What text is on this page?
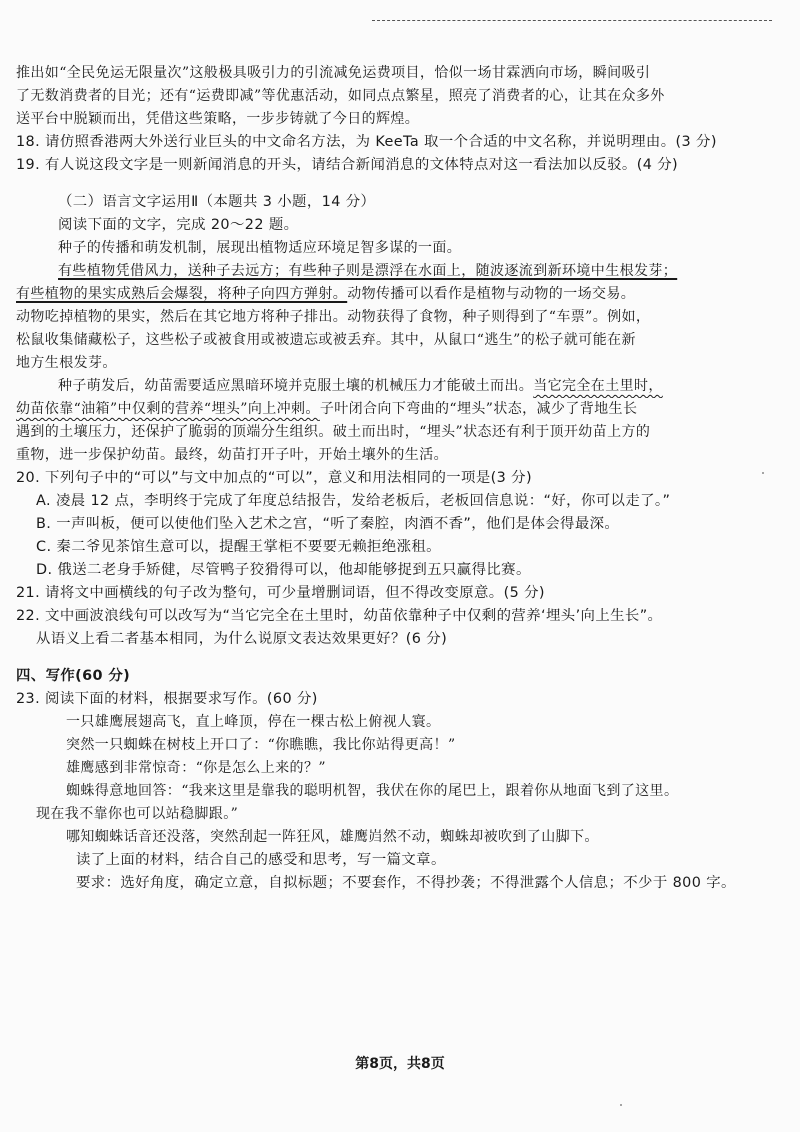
推出如“全民免运无限量次”这般极具吸引力的引流减免运费项目，恰似一场甘霖洒向市场，瞬间吸引
了无数消费者的目光；还有“运费即减”等优惠活动，如同点点繁星，照亮了消费者的心，让其在众多外
送平台中脱颖而出，凭借这些策略，一步步铸就了今日的辉煌。
18. 请仿照香港两大外送行业巨头的中文命名方法，为 KeeTa 取一个合适的中文名称，并说明理由。(3 分)
19. 有人说这段文字是一则新闻消息的开头，请结合新闻消息的文体特点对这一看法加以反驳。(4 分)
（二）语言文字运用Ⅱ（本题共 3 小题，14 分）
阅读下面的文字，完成 20～22 题。
种子的传播和萌发机制，展现出植物适应环境足智多谋的一面。
有些植物凭借风力，送种子去远方；有些种子则是漂浮在水面上，随波逐流到新环境中生根发芽；
有些植物的果实成熟后会爆裂，将种子向四方弹射。动物传播可以看作是植物与动物的一场交易。
动物吃掉植物的果实，然后在其它地方将种子排出。动物获得了食物，种子则得到了“车票”。例如，
松鼠收集储藏松子，这些松子或被食用或被遗忘或被丢弃。其中，从鼠口“逃生”的松子就可能在新
地方生根发芽。
种子萌发后，幼苗需要适应黑暗环境并克服土壤的机械压力才能破土而出。当它完全在土里时，
幼苗依靠“油箱”中仅剩的营养“埋头”向上冲刺。子叶闭合向下弯曲的“埋头”状态，减少了背地生长
遇到的土壤压力，还保护了脆弱的顶端分生组织。破土而出时，“埋头”状态还有利于顶开幼苗上方的
重物，进一步保护幼苗。最终，幼苗打开子叶，开始土壤外的生活。
20. 下列句子中的“可以”与文中加点的“可以”，意义和用法相同的一项是(3 分)
A. 凌晨 12 点，李明终于完成了年度总结报告，发给老板后，老板回信息说：“好，你可以走了。”
B. 一声叫板，便可以使他们坠入艺术之宫，“听了秦腔，肉酒不香”，他们是体会得最深。
C. 秦二爷见茶馆生意可以，提醒王掌柜不要要无赖拒绝涨租。
D. 俄送二老身手矫健，尽管鸭子狡猾得可以，他却能够捉到五只赢得比赛。
21. 请将文中画横线的句子改为整句，可少量增删词语，但不得改变原意。(5 分)
22. 文中画波浪线句可以改写为“当它完全在土里时，幼苗依靠种子中仅剩的营养‘埋头’向上生长”。
从语义上看二者基本相同，为什么说原文表达效果更好？(6 分)
四、写作(60 分)
23. 阅读下面的材料，根据要求写作。(60 分)
一只雄鹰展翅高飞，直上峰顶，停在一棵古松上俯视人寰。
突然一只蜘蛛在树枝上开口了：“你瞧瞧，我比你站得更高！”
雄鹰感到非常惊奇：“你是怎么上来的？”
蜘蛛得意地回答：“我来这里是靠我的聪明机智，我伏在你的尾巴上，跟着你从地面飞到了这里。
现在我不靠你也可以站稳脚跟。”
哪知蜘蛛话音还没落，突然刮起一阵狂风，雄鹰岿然不动，蜘蛛却被吹到了山脚下。
读了上面的材料，结合自己的感受和思考，写一篇文章。
要求：选好角度，确定立意，自拟标题；不要套作，不得抄袭；不得泄露个人信息；不少于 800 字。
第8页，共8页
